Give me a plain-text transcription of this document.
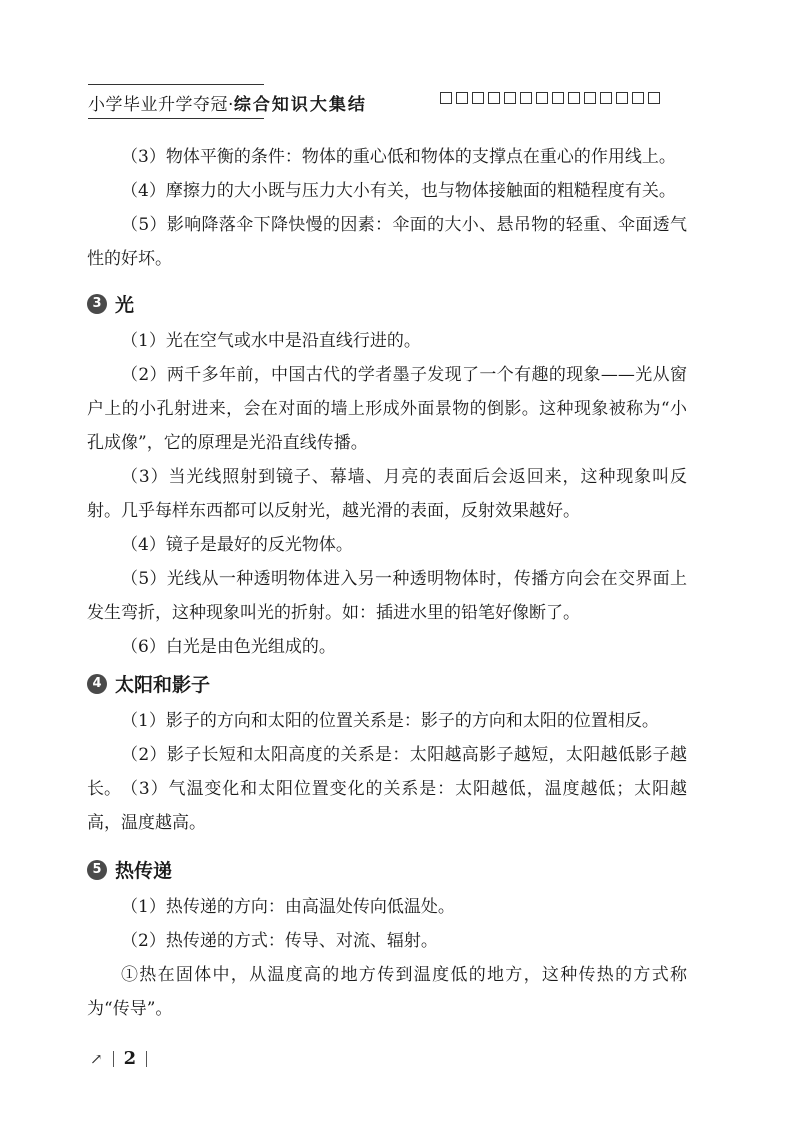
小学毕业升学夺冠·综合知识大集结

（3）物体平衡的条件：物体的重心低和物体的支撑点在重心的作用线上。

（4）摩擦力的大小既与压力大小有关，也与物体接触面的粗糙程度有关。

（5）影响降落伞下降快慢的因素：伞面的大小、悬吊物的轻重、伞面透气性的好坏。

3 光

（1）光在空气或水中是沿直线行进的。

（2）两千多年前，中国古代的学者墨子发现了一个有趣的现象——光从窗户上的小孔射进来，会在对面的墙上形成外面景物的倒影。这种现象被称为“小孔成像”，它的原理是光沿直线传播。

（3）当光线照射到镜子、幕墙、月亮的表面后会返回来，这种现象叫反射。几乎每样东西都可以反射光，越光滑的表面，反射效果越好。

（4）镜子是最好的反光物体。

（5）光线从一种透明物体进入另一种透明物体时，传播方向会在交界面上发生弯折，这种现象叫光的折射。如：插进水里的铅笔好像断了。

（6）白光是由色光组成的。

4 太阳和影子

（1）影子的方向和太阳的位置关系是：影子的方向和太阳的位置相反。

（2）影子长短和太阳高度的关系是：太阳越高影子越短，太阳越低影子越长。 （3）气温变化和太阳位置变化的关系是：太阳越低，温度越低；太阳越高，温度越高。

5 热传递

（1）热传递的方向：由高温处传向低温处。

（2）热传递的方式：传导、对流、辐射。

①热在固体中，从温度高的地方传到温度低的地方，这种传热的方式称为“传导”。

↗ 2
